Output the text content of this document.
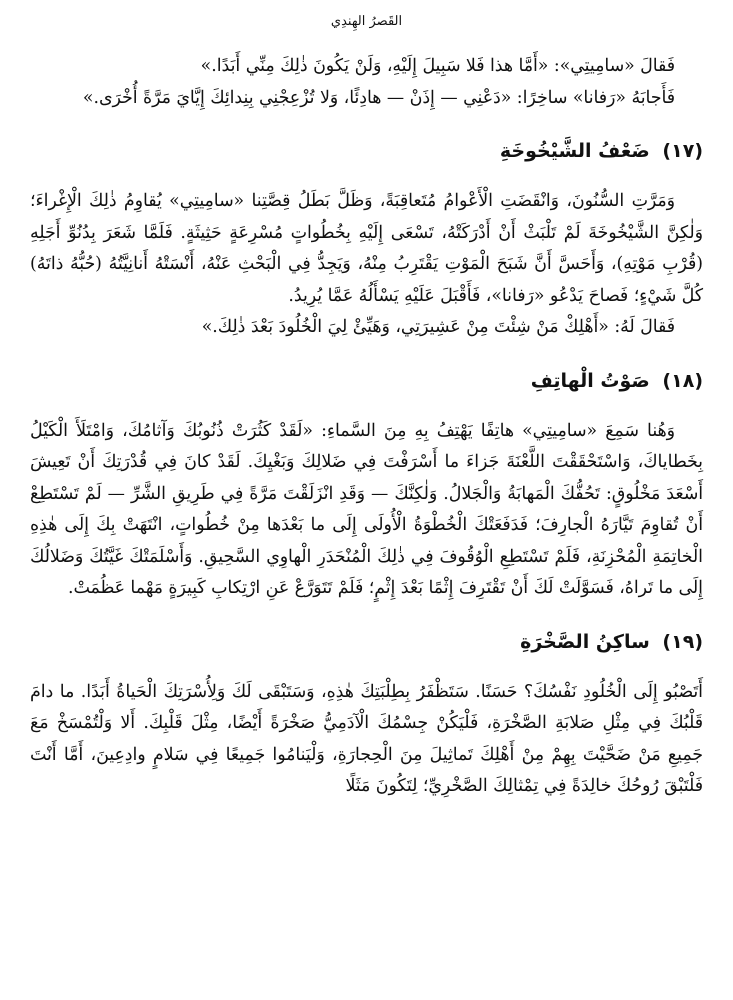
القَصرُ الهِندِي

فَقالَ «سامِيتِي»: «أَمَّا هذا فَلا سَبِيلَ إِلَيْهِ، وَلَنْ يَكُونَ ذٰلِكَ مِنِّي أَبَدًا.»

فَأَجابَهُ «رَفانا» ساخِرًا: «دَعْنِي — إِذَنْ — هادِئًا، وَلا تُزْعِجْنِي بِنِدائِكَ إِيَّايَ مَرَّةً أُخْرَى.»

(١٧) ضَعْفُ الشَّيْخُوخَةِ

وَمَرَّتِ السُّنُونَ، وَانْقَضَتِ الْأَعْوامُ مُتَعاقِبَةً، وَظَلَّ بَطَلُ قِصَّتِنا «سامِيتِي» يُقاوِمُ ذٰلِكَ الْإِغْراءَ؛ وَلٰكِنَّ الشَّيْخُوخَةَ لَمْ تَلْبَثْ أَنْ أَدْرَكَتْهُ، تَسْعَى إِلَيْهِ بِخُطُواتٍ مُسْرِعَةٍ حَثِيثَةٍ. فَلَمَّا شَعَرَ بِدُنُوِّ أَجَلِهِ (قُرْبِ مَوْتِهِ)، وَأَحَسَّ أَنَّ شَبَحَ الْمَوْتِ يَقْتَرِبُ مِنْهُ، وَيَجِدُّ فِي الْبَحْثِ عَنْهُ، أَنْسَتْهُ أَنانِيَّتُهُ (حُبُّهُ ذاتَهُ) كُلَّ شَيْءٍ؛ فَصاحَ يَدْعُو «رَفانا»، فَأَقْبَلَ عَلَيْهِ يَسْأَلُهُ عَمَّا يُرِيدُ.

فَقالَ لَهُ: «أَهْلِكْ مَنْ شِئْتَ مِنْ عَشِيرَتِي، وَهَيِّئْ لِيَ الْخُلُودَ بَعْدَ ذٰلِكَ.»

(١٨) صَوْتُ الْهاتِفِ

وَهُنا سَمِعَ «سامِيتِي» هاتِفًا يَهْتِفُ بِهِ مِنَ السَّماءِ: «لَقَدْ كَثُرَتْ ذُنُوبُكَ وَآثامُكَ، وَامْتَلَأَ الْكَيْلُ بِخَطاياكَ، وَاسْتَحْقَقْتَ اللَّعْنَةَ جَزاءَ ما أَسْرَفْتَ فِي ضَلالِكَ وَبَغْيِكَ. لَقَدْ كانَ فِي قُدْرَتِكَ أَنْ تَعِيشَ أَسْعَدَ مَخْلُوقٍ: تَحُفُّكَ الْمَهابَةُ وَالْجَلالُ. وَلٰكِنَّكَ — وَقَدِ انْزَلَقْتَ مَرَّةً فِي طَرِيقِ الشَّرِّ — لَمْ تَسْتَطِعْ أَنْ تُقاوِمَ تَيَّارَهُ الْجارِفَ؛ فَدَفَعَتْكَ الْخُطْوَةُ الْأُولَى إِلَى ما بَعْدَها مِنْ خُطُواتٍ، انْتَهَتْ بِكَ إِلَى هٰذِهِ الْخاتِمَةِ الْمُحْزِنَةِ، فَلَمْ تَسْتَطِعِ الْوُقُوفَ فِي ذٰلِكَ الْمُنْحَدَرِ الْهاوِي السَّحِيقِ. وَأَسْلَمَتْكَ غَيَّتُكَ وَضَلالُكَ إِلَى ما تَراهُ، فَسَوَّلَتْ لَكَ أَنْ تَقْتَرِفَ إِثْمًا بَعْدَ إِثْمٍ؛ فَلَمْ تَتَوَرَّعْ عَنِ ارْتِكابِ كَبِيرَةٍ مَهْما عَظُمَتْ.

(١٩) ساكِنُ الصَّخْرَةِ

أَتَصْبُو إِلَى الْخُلُودِ نَفْسُكَ؟ حَسَنًا. سَتَظْفَرُ بِطِلْبَتِكَ هٰذِهِ، وَسَتَبْقَى لَكَ وَلِأُسْرَتِكَ الْحَياةُ أَبَدًا. ما دامَ قَلْبُكَ فِي مِثْلِ صَلابَةِ الصَّخْرَةِ، فَلْيَكُنْ جِسْمُكَ الْآدَمِيُّ صَخْرَةً أَيْضًا، مِثْلَ قَلْبِكَ. أَلا وَلْتُمْسَخْ مَعَ جَمِيعِ مَنْ ضَحَّيْتَ بِهِمْ مِنْ أَهْلِكَ تَماثِيلَ مِنَ الْحِجارَةِ، وَلْيَنامُوا جَمِيعًا فِي سَلامٍ وادِعِينَ، أَمَّا أَنْتَ فَلْتَبْقَ رُوحُكَ خالِدَةً فِي تِمْثالِكَ الصَّخْرِيِّ؛ لِتَكُونَ مَثَلًا
